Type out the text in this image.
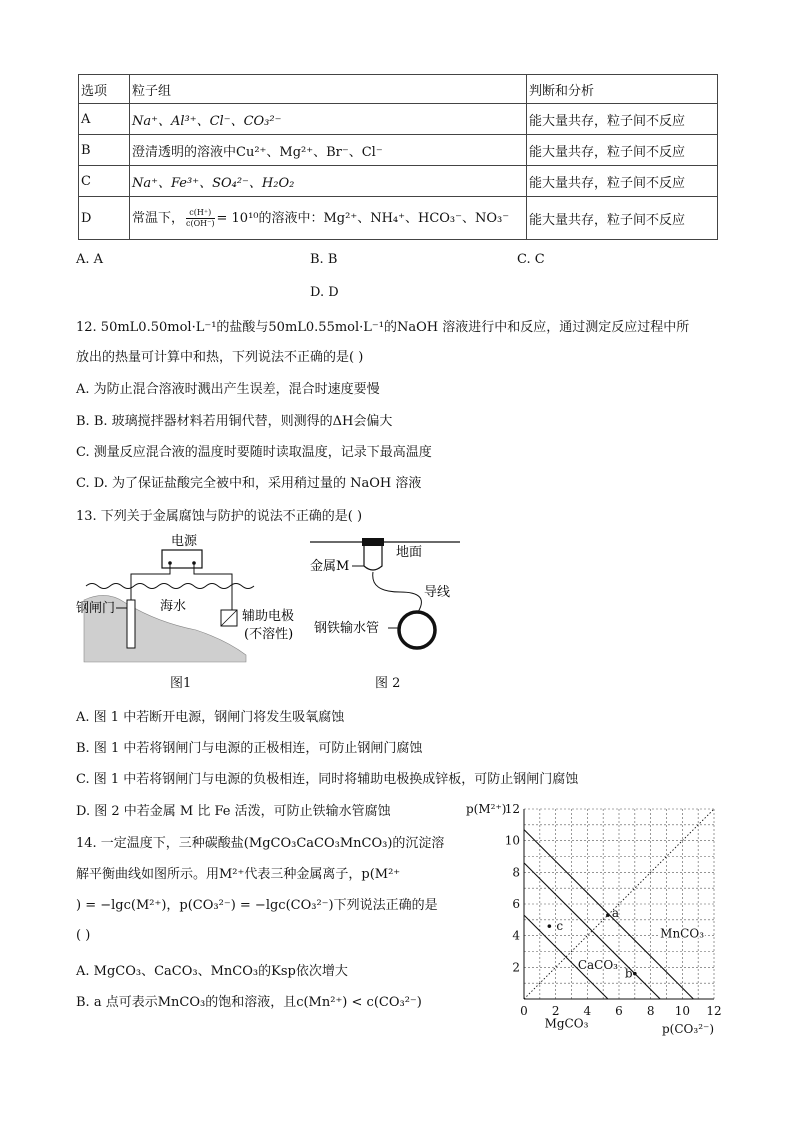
选项	粒子组	判断和分析
A	Na⁺、Al³⁺、Cl⁻、CO₃²⁻	能大量共存，粒子间不反应
B	澄清透明的溶液中Cu²⁺、Mg²⁺、Br⁻、Cl⁻	能大量共存，粒子间不反应
C	Na⁺、Fe³⁺、SO₄²⁻、H₂O₂	能大量共存，粒子间不反应
D	常温下， $\frac{c(H^+)}{c(OH^-)} = 10^{10}$的溶液中：Mg²⁺、NH₄⁺、HCO₃⁻、NO₃⁻	能大量共存，粒子间不反应
A. A	B. B	C. C
D. D
12. 50mL0.50mol·L⁻¹的盐酸与50mL0.55mol·L⁻¹的NaOH 溶液进行中和反应，通过测定反应过程中所
放出的热量可计算中和热，下列说法不正确的是( )
A. 为防止混合溶液时溅出产生误差，混合时速度要慢
B. B. 玻璃搅拌器材料若用铜代替，则测得的ΔH会偏大
C. 测量反应混合液的温度时要随时读取温度，记录下最高温度
C. D. 为了保证盐酸完全被中和，采用稍过量的 NaOH 溶液
13. 下列关于金属腐蚀与防护的说法不正确的是( )
电源
钢闸门	海水
辅助电极
(不溶性)
图1
地面
金属M
导线
钢铁输水管
图 2
A. 图 1 中若断开电源，钢闸门将发生吸氧腐蚀
B. 图 1 中若将钢闸门与电源的正极相连，可防止钢闸门腐蚀
C. 图 1 中若将钢闸门与电源的负极相连，同时将辅助电极换成锌板，可防止钢闸门腐蚀
D. 图 2 中若金属 M 比 Fe 活泼，可防止铁输水管腐蚀
14. 一定温度下，三种碳酸盐(MgCO₃CaCO₃MnCO₃)的沉淀溶
解平衡曲线如图所示。用M²⁺代表三种金属离子，p(M²⁺
) = −lgc(M²⁺)，p(CO₃²⁻) = −lgc(CO₃²⁻)下列说法正确的是
( )
A. MgCO₃、CaCO₃、MnCO₃的Ksp依次增大
B. a 点可表示MnCO₃的饱和溶液，且c(Mn²⁺) < c(CO₃²⁻)
MnCO₃
CaCO₃
MgCO₃
a
b
c
0 2 4 6 8 10 12
2
4
6
8
10
12
p(M²⁺)
p(CO₃²⁻)
